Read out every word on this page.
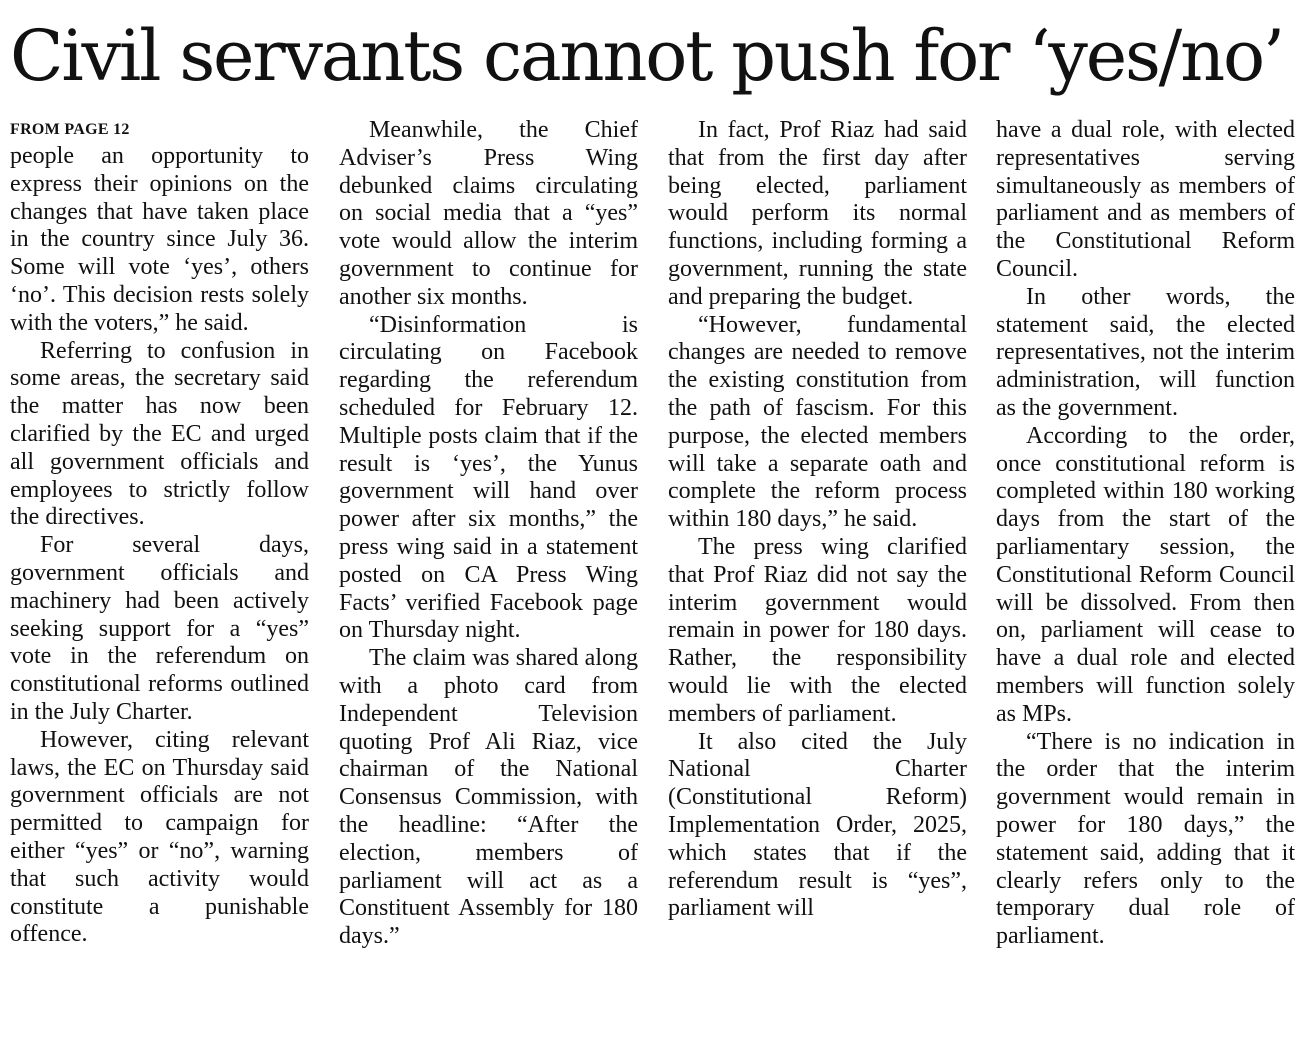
Civil servants cannot push for ‘yes/no’
FROM PAGE 12

people an opportunity to express their opinions on the changes that have taken place in the country since July 36. Some will vote ‘yes’, others ‘no’. This decision rests solely with the voters,” he said.

Referring to confusion in some areas, the secretary said the matter has now been clarified by the EC and urged all government officials and employees to strictly follow the directives.

For several days, government officials and machinery had been actively seeking support for a “yes” vote in the referendum on constitutional reforms outlined in the July Charter.

However, citing relevant laws, the EC on Thursday said government officials are not permitted to campaign for either “yes” or “no”, warning that such activity would constitute a punishable offence.

Meanwhile, the Chief Adviser’s Press Wing debunked claims circulating on social media that a “yes” vote would allow the interim government to continue for another six months.

“Disinformation is circulating on Facebook regarding the referendum scheduled for February 12. Multiple posts claim that if the result is ‘yes’, the Yunus government will hand over power after six months,” the press wing said in a statement posted on CA Press Wing Facts’ verified Facebook page on Thursday night.

The claim was shared along with a photo card from Independent Television quoting Prof Ali Riaz, vice chairman of the National Consensus Commission, with the headline: “After the election, members of parliament will act as a Constituent Assembly for 180 days.”

In fact, Prof Riaz had said that from the first day after being elected, parliament would perform its normal functions, including forming a government, running the state and preparing the budget.

“However, fundamental changes are needed to remove the existing constitution from the path of fascism. For this purpose, the elected members will take a separate oath and complete the reform process within 180 days,” he said.

The press wing clarified that Prof Riaz did not say the interim government would remain in power for 180 days. Rather, the responsibility would lie with the elected members of parliament.

It also cited the July National Charter (Constitutional Reform) Implementation Order, 2025, which states that if the referendum result is “yes”, parliament will

have a dual role, with elected representatives serving simultaneously as members of parliament and as members of the Constitutional Reform Council.

In other words, the statement said, the elected representatives, not the interim administration, will function as the government.

According to the order, once constitutional reform is completed within 180 working days from the start of the parliamentary session, the Constitutional Reform Council will be dissolved. From then on, parliament will cease to have a dual role and elected members will function solely as MPs.

“There is no indication in the order that the interim government would remain in power for 180 days,” the statement said, adding that it clearly refers only to the temporary dual role of parliament.
